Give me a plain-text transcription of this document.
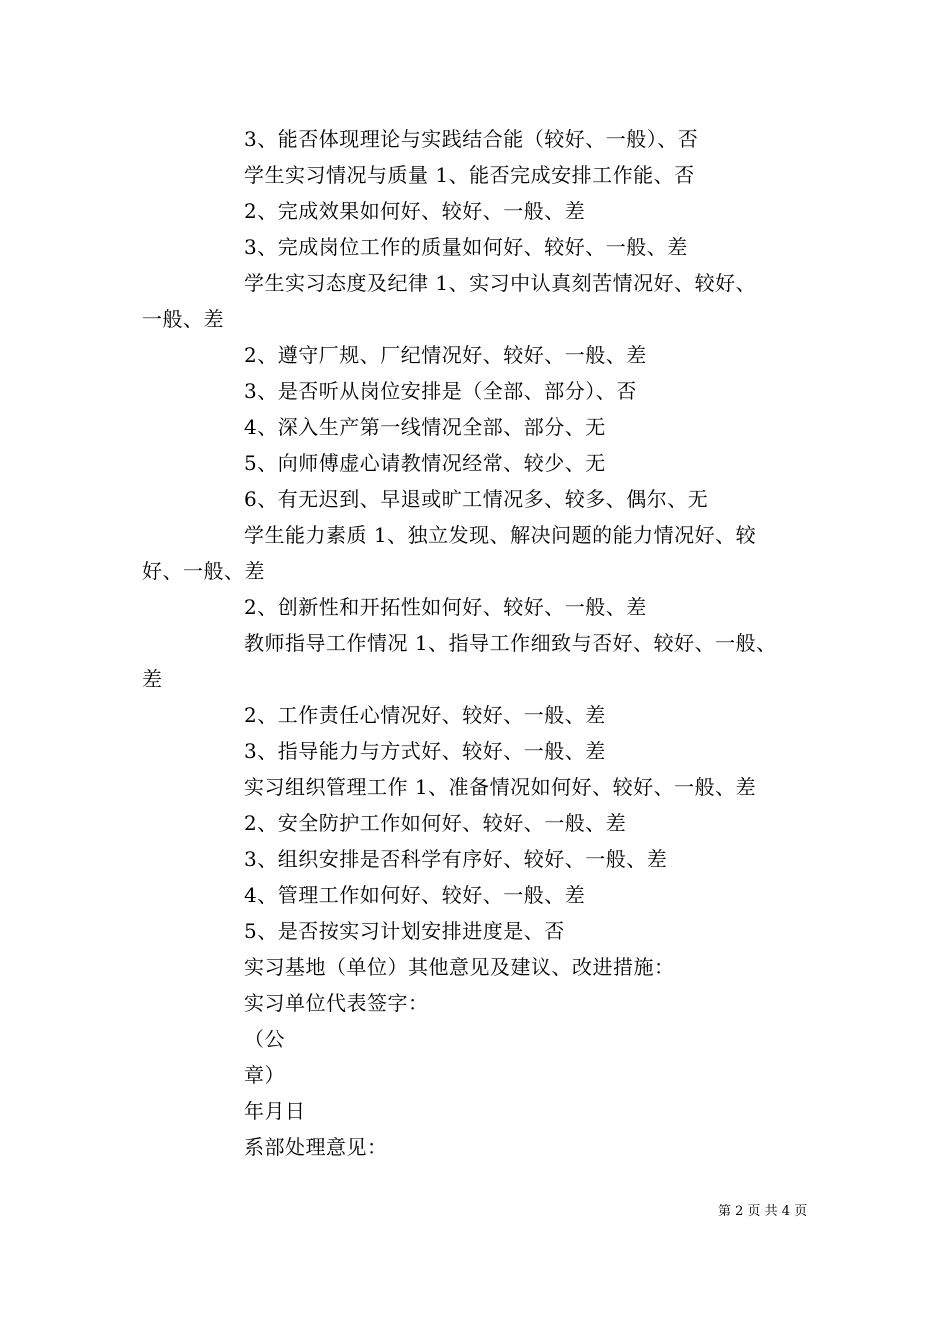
3、能否体现理论与实践结合能（较好、一般）、否
学生实习情况与质量 1、能否完成安排工作能、否
2、完成效果如何好、较好、一般、差
3、完成岗位工作的质量如何好、较好、一般、差
学生实习态度及纪律 1、实习中认真刻苦情况好、较好、
一般、差
2、遵守厂规、厂纪情况好、较好、一般、差
3、是否听从岗位安排是（全部、部分）、否
4、深入生产第一线情况全部、部分、无
5、向师傅虚心请教情况经常、较少、无
6、有无迟到、早退或旷工情况多、较多、偶尔、无
学生能力素质 1、独立发现、解决问题的能力情况好、较
好、一般、差
2、创新性和开拓性如何好、较好、一般、差
教师指导工作情况 1、指导工作细致与否好、较好、一般、
差
2、工作责任心情况好、较好、一般、差
3、指导能力与方式好、较好、一般、差
实习组织管理工作 1、准备情况如何好、较好、一般、差
2、安全防护工作如何好、较好、一般、差
3、组织安排是否科学有序好、较好、一般、差
4、管理工作如何好、较好、一般、差
5、是否按实习计划安排进度是、否
实习基地（单位）其他意见及建议、改进措施：
实习单位代表签字：
（公
章）
年月日
系部处理意见：
第 2 页 共 4 页
